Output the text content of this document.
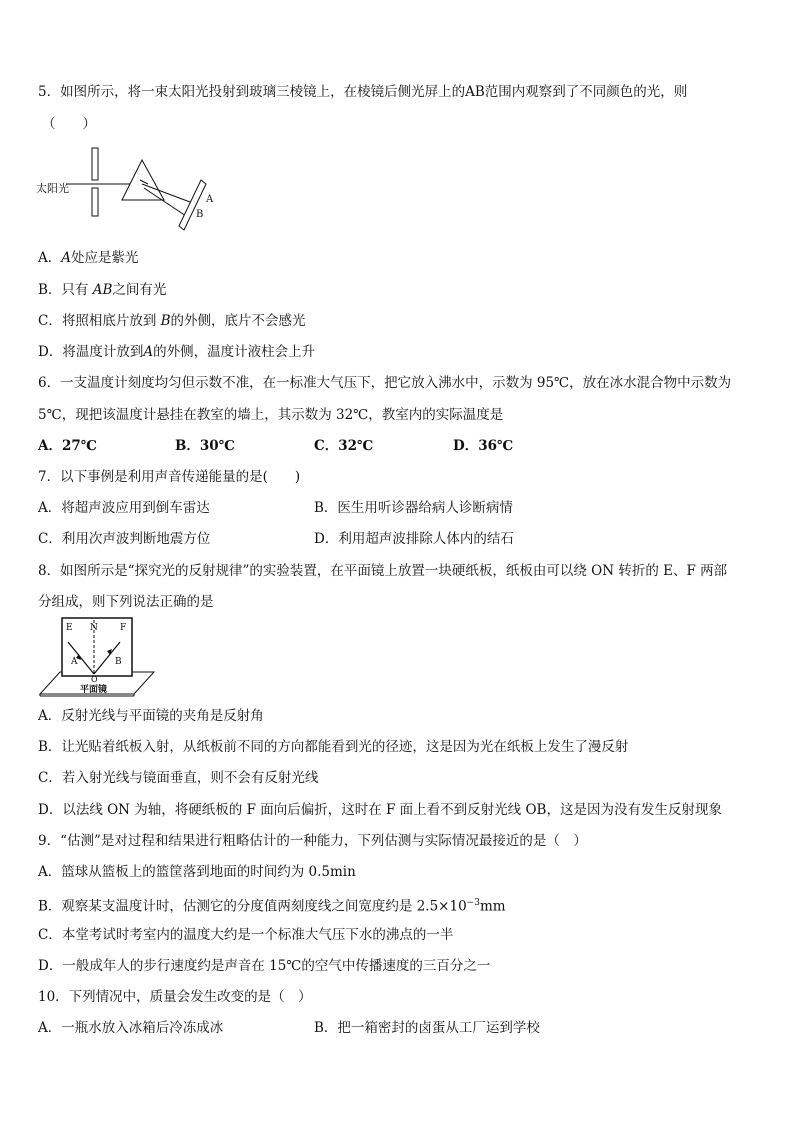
5．如图所示，将一束太阳光投射到玻璃三棱镜上，在棱镜后侧光屏上的AB范围内观察到了不同颜色的光，则
（　　）
太阳光
A
B
A．A处应是紫光
B．只有 AB之间有光
C．将照相底片放到 B的外侧，底片不会感光
D．将温度计放到A的外侧，温度计液柱会上升
6．一支温度计刻度均匀但示数不准，在一标准大气压下，把它放入沸水中，示数为 95℃，放在冰水混合物中示数为
5℃，现把该温度计悬挂在教室的墙上，其示数为 32℃，教室内的实际温度是
A．27℃	B．30℃	C．32℃	D．36℃
7．以下事例是利用声音传递能量的是(　　)
A．将超声波应用到倒车雷达	B．医生用听诊器给病人诊断病情
C．利用次声波判断地震方位	D．利用超声波排除人体内的结石
8．如图所示是“探究光的反射规律”的实验装置，在平面镜上放置一块硬纸板，纸板由可以绕 ON 转折的 E、F 两部
分组成，则下列说法正确的是
E N F
A	B
O
平面镜
A．反射光线与平面镜的夹角是反射角
B．让光贴着纸板入射，从纸板前不同的方向都能看到光的径迹，这是因为光在纸板上发生了漫反射
C．若入射光线与镜面垂直，则不会有反射光线
D．以法线 ON 为轴，将硬纸板的 F 面向后偏折，这时在 F 面上看不到反射光线 OB，这是因为没有发生反射现象
9．“估测”是对过程和结果进行粗略估计的一种能力，下列估测与实际情况最接近的是（　）
A．篮球从篮板上的篮筐落到地面的时间约为 0.5min
B．观察某支温度计时，估测它的分度值两刻度线之间宽度约是 $2.5\times 10^{-3}mm$
C．本堂考试时考室内的温度大约是一个标准大气压下水的沸点的一半
D．一般成年人的步行速度约是声音在 15℃的空气中传播速度的三百分之一
10．下列情况中，质量会发生改变的是（　）
A．一瓶水放入冰箱后冷冻成冰	B．把一箱密封的卤蛋从工厂运到学校
